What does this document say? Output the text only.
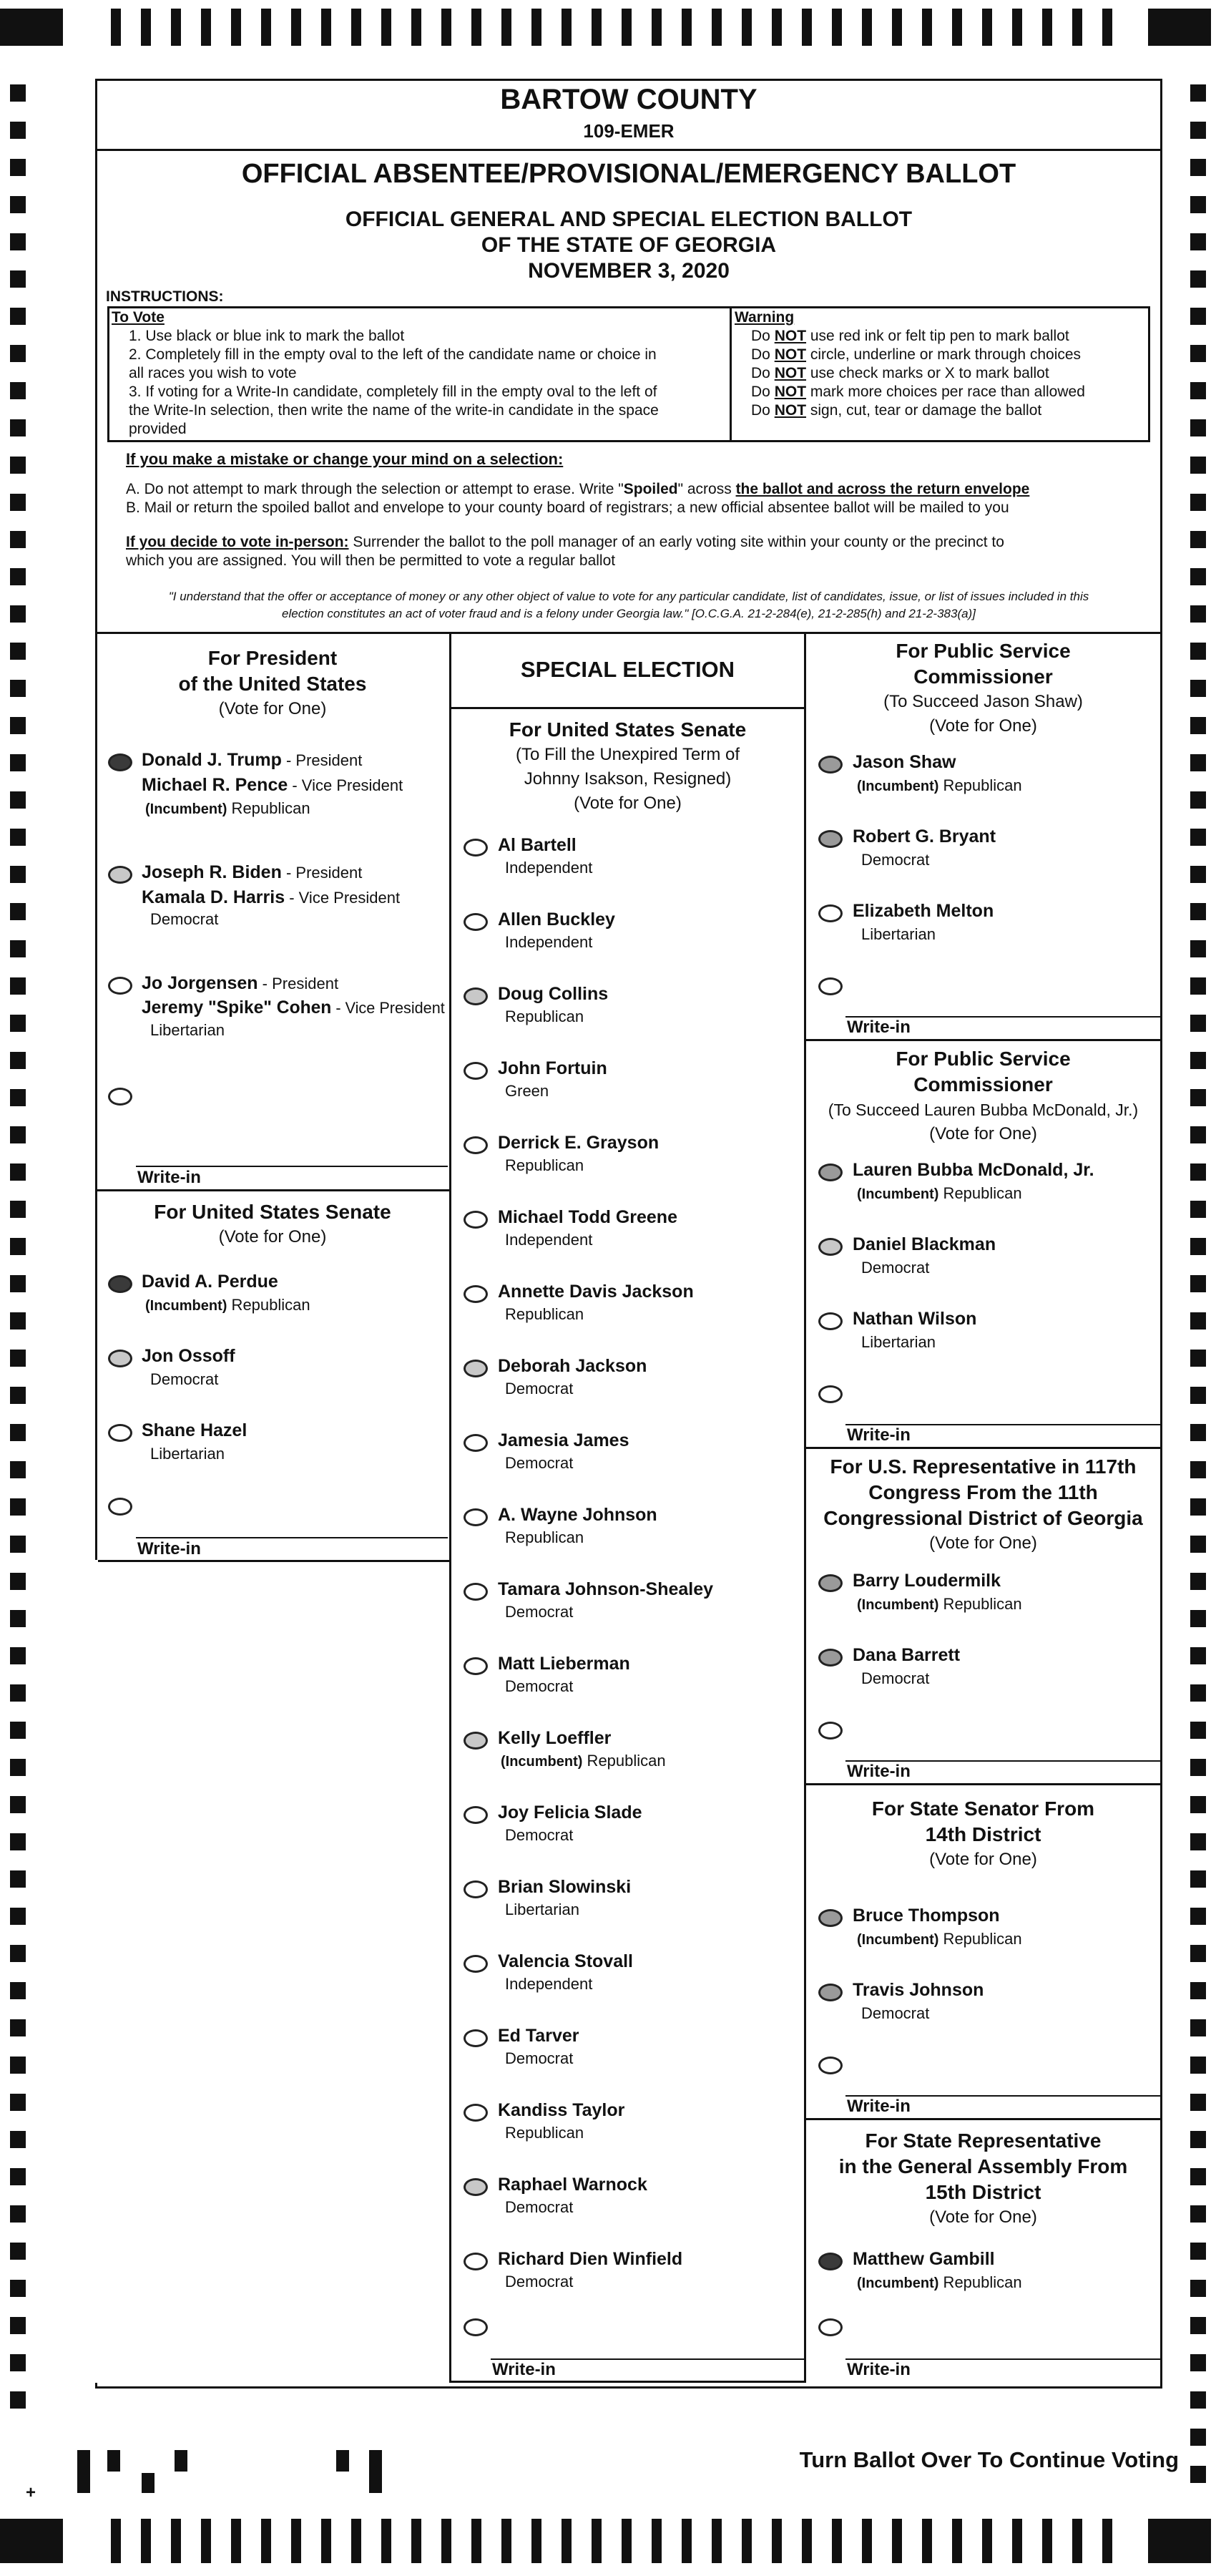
BARTOW COUNTY
109-EMER
OFFICIAL ABSENTEE/PROVISIONAL/EMERGENCY BALLOT
OFFICIAL GENERAL AND SPECIAL ELECTION BALLOT
OF THE STATE OF GEORGIA
NOVEMBER 3, 2020
INSTRUCTIONS:
To Vote
1. Use black or blue ink to mark the ballot
2. Completely fill in the empty oval to the left of the candidate name or choice in
all races you wish to vote
3. If voting for a Write-In candidate, completely fill in the empty oval to the left of
the Write-In selection, then write the name of the write-in candidate in the space
provided
Warning
Do NOT use red ink or felt tip pen to mark ballot
Do NOT circle, underline or mark through choices
Do NOT use check marks or X to mark ballot
Do NOT mark more choices per race than allowed
Do NOT sign, cut, tear or damage the ballot
If you make a mistake or change your mind on a selection:
A. Do not attempt to mark through the selection or attempt to erase. Write "Spoiled" across the ballot and across the return envelope
B. Mail or return the spoiled ballot and envelope to your county board of registrars; a new official absentee ballot will be mailed to you
If you decide to vote in-person: Surrender the ballot to the poll manager of an early voting site within your county or the precinct to
which you are assigned. You will then be permitted to vote a regular ballot
"I understand that the offer or acceptance of money or any other object of value to vote for any particular candidate, list of candidates, issue, or list of issues included in this
election constitutes an act of voter fraud and is a felony under Georgia law." [O.C.G.A. 21-2-284(e), 21-2-285(h) and 21-2-383(a)]
For President
of the United States
(Vote for One)
Donald J. Trump - President
Michael R. Pence - Vice President
(Incumbent) Republican
Joseph R. Biden - President
Kamala D. Harris - Vice President
Democrat
Jo Jorgensen - President
Jeremy "Spike" Cohen - Vice President
Libertarian
Write-in
For United States Senate
(Vote for One)
David A. Perdue
(Incumbent) Republican
Jon Ossoff
Democrat
Shane Hazel
Libertarian
Write-in
SPECIAL ELECTION
For United States Senate
(To Fill the Unexpired Term of
Johnny Isakson, Resigned)
(Vote for One)
Al Bartell
Independent
Allen Buckley
Independent
Doug Collins
Republican
John Fortuin
Green
Derrick E. Grayson
Republican
Michael Todd Greene
Independent
Annette Davis Jackson
Republican
Deborah Jackson
Democrat
Jamesia James
Democrat
A. Wayne Johnson
Republican
Tamara Johnson-Shealey
Democrat
Matt Lieberman
Democrat
Kelly Loeffler
(Incumbent) Republican
Joy Felicia Slade
Democrat
Brian Slowinski
Libertarian
Valencia Stovall
Independent
Ed Tarver
Democrat
Kandiss Taylor
Republican
Raphael Warnock
Democrat
Richard Dien Winfield
Democrat
Write-in
For Public Service
Commissioner
(To Succeed Jason Shaw)
(Vote for One)
Jason Shaw
(Incumbent) Republican
Robert G. Bryant
Democrat
Elizabeth Melton
Libertarian
Write-in
For Public Service
Commissioner
(To Succeed Lauren Bubba McDonald, Jr.)
(Vote for One)
Lauren Bubba McDonald, Jr.
(Incumbent) Republican
Daniel Blackman
Democrat
Nathan Wilson
Libertarian
Write-in
For U.S. Representative in 117th
Congress From the 11th
Congressional District of Georgia
(Vote for One)
Barry Loudermilk
(Incumbent) Republican
Dana Barrett
Democrat
Write-in
For State Senator From
14th District
(Vote for One)
Bruce Thompson
(Incumbent) Republican
Travis Johnson
Democrat
Write-in
For State Representative
in the General Assembly From
15th District
(Vote for One)
Matthew Gambill
(Incumbent) Republican
Write-in
+
Turn Ballot Over To Continue Voting
